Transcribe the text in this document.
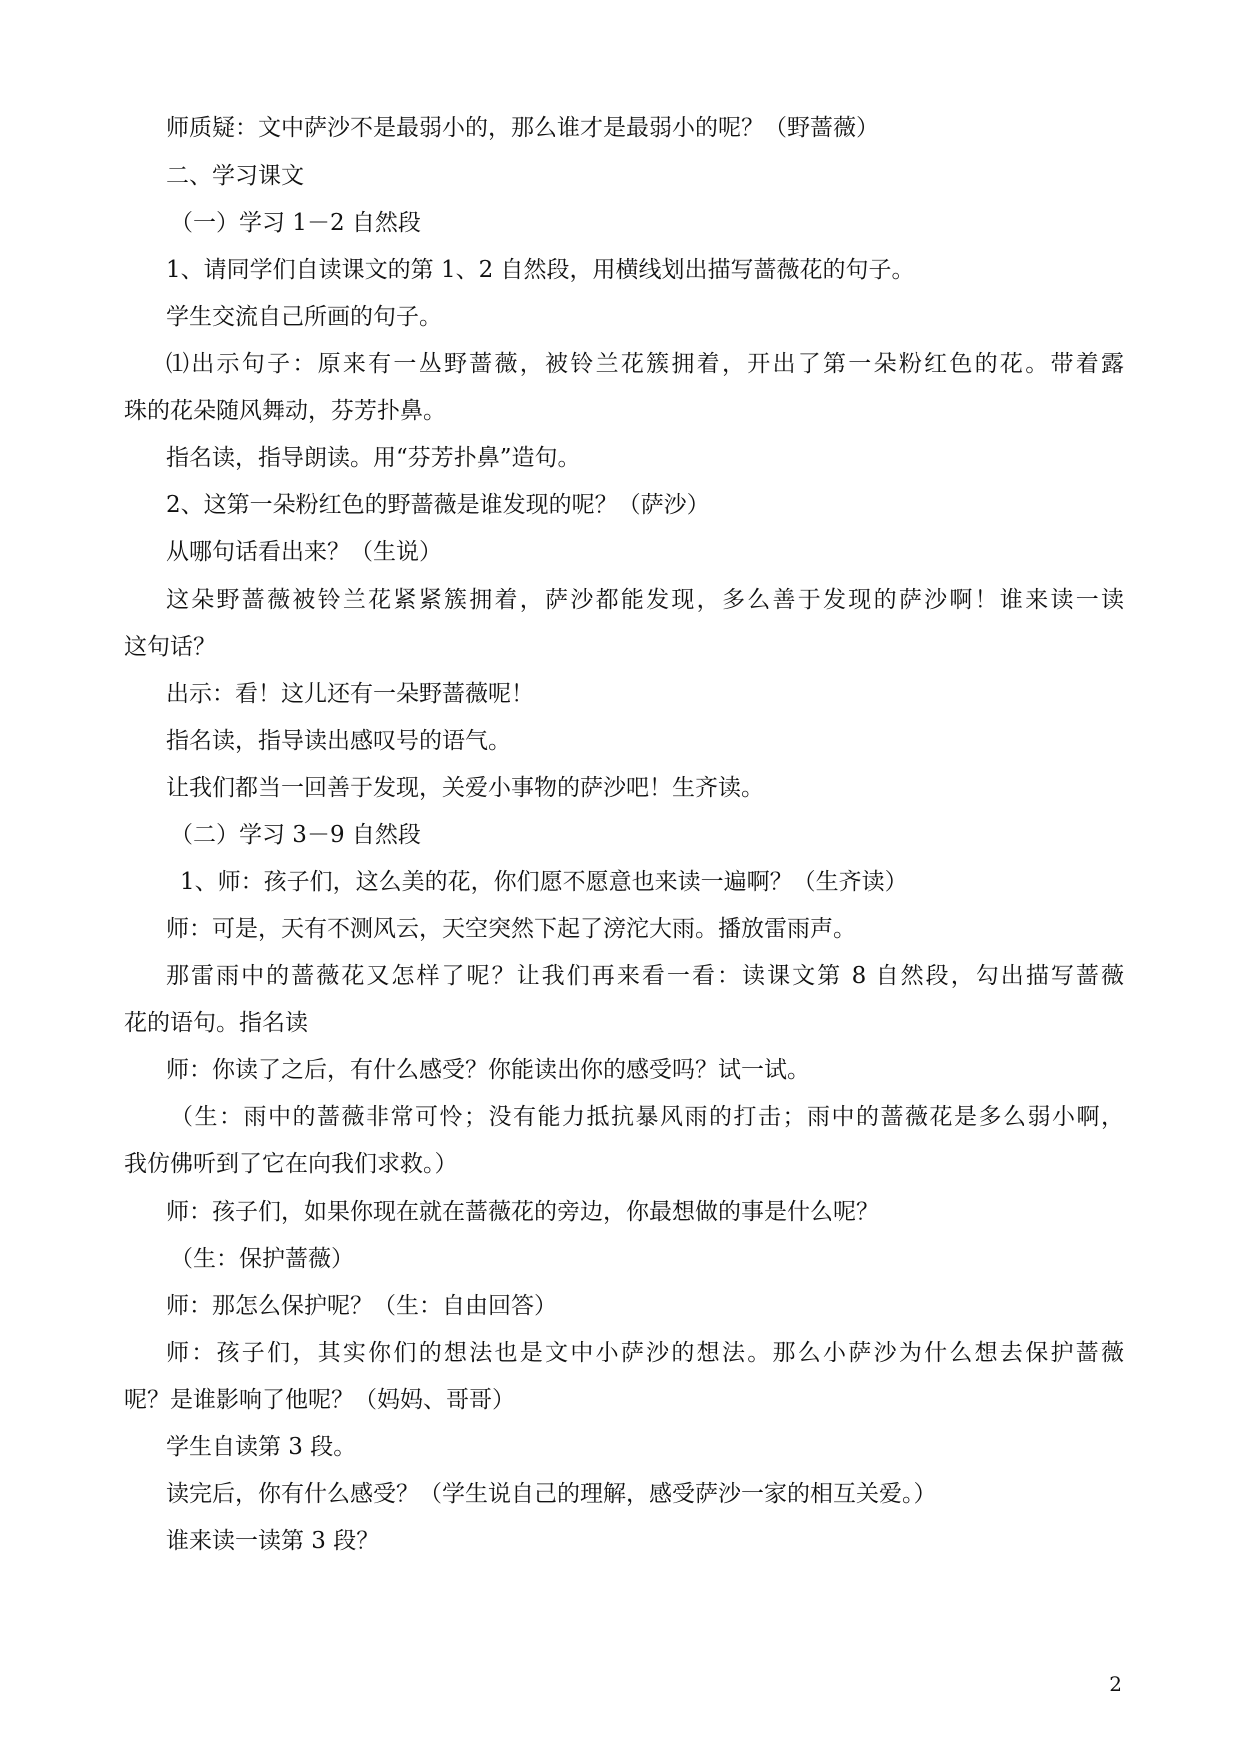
师质疑：文中萨沙不是最弱小的，那么谁才是最弱小的呢？（野蔷薇）
二、学习课文
（一）学习 1－2 自然段
1、请同学们自读课文的第 1、2 自然段，用横线划出描写蔷薇花的句子。
学生交流自己所画的句子。
⑴出示句子：原来有一丛野蔷薇，被铃兰花簇拥着，开出了第一朵粉红色的花。带着露
珠的花朵随风舞动，芬芳扑鼻。
指名读，指导朗读。用“芬芳扑鼻”造句。
2、这第一朵粉红色的野蔷薇是谁发现的呢？（萨沙）
从哪句话看出来？（生说）
这朵野蔷薇被铃兰花紧紧簇拥着，萨沙都能发现，多么善于发现的萨沙啊！谁来读一读
这句话？
出示：看！这儿还有一朵野蔷薇呢！
指名读，指导读出感叹号的语气。
让我们都当一回善于发现，关爱小事物的萨沙吧！生齐读。
（二）学习 3－9 自然段
1、师：孩子们，这么美的花，你们愿不愿意也来读一遍啊？（生齐读）
师：可是，天有不测风云，天空突然下起了滂沱大雨。播放雷雨声。
那雷雨中的蔷薇花又怎样了呢？让我们再来看一看：读课文第 8 自然段，勾出描写蔷薇
花的语句。指名读
师：你读了之后，有什么感受？你能读出你的感受吗？试一试。
（生：雨中的蔷薇非常可怜；没有能力抵抗暴风雨的打击；雨中的蔷薇花是多么弱小啊，
我仿佛听到了它在向我们求救。）
师：孩子们，如果你现在就在蔷薇花的旁边，你最想做的事是什么呢？
（生：保护蔷薇）
师：那怎么保护呢？（生：自由回答）
师：孩子们，其实你们的想法也是文中小萨沙的想法。那么小萨沙为什么想去保护蔷薇
呢？是谁影响了他呢？（妈妈、哥哥）
学生自读第 3 段。
读完后，你有什么感受？（学生说自己的理解，感受萨沙一家的相互关爱。）
谁来读一读第 3 段？
2
